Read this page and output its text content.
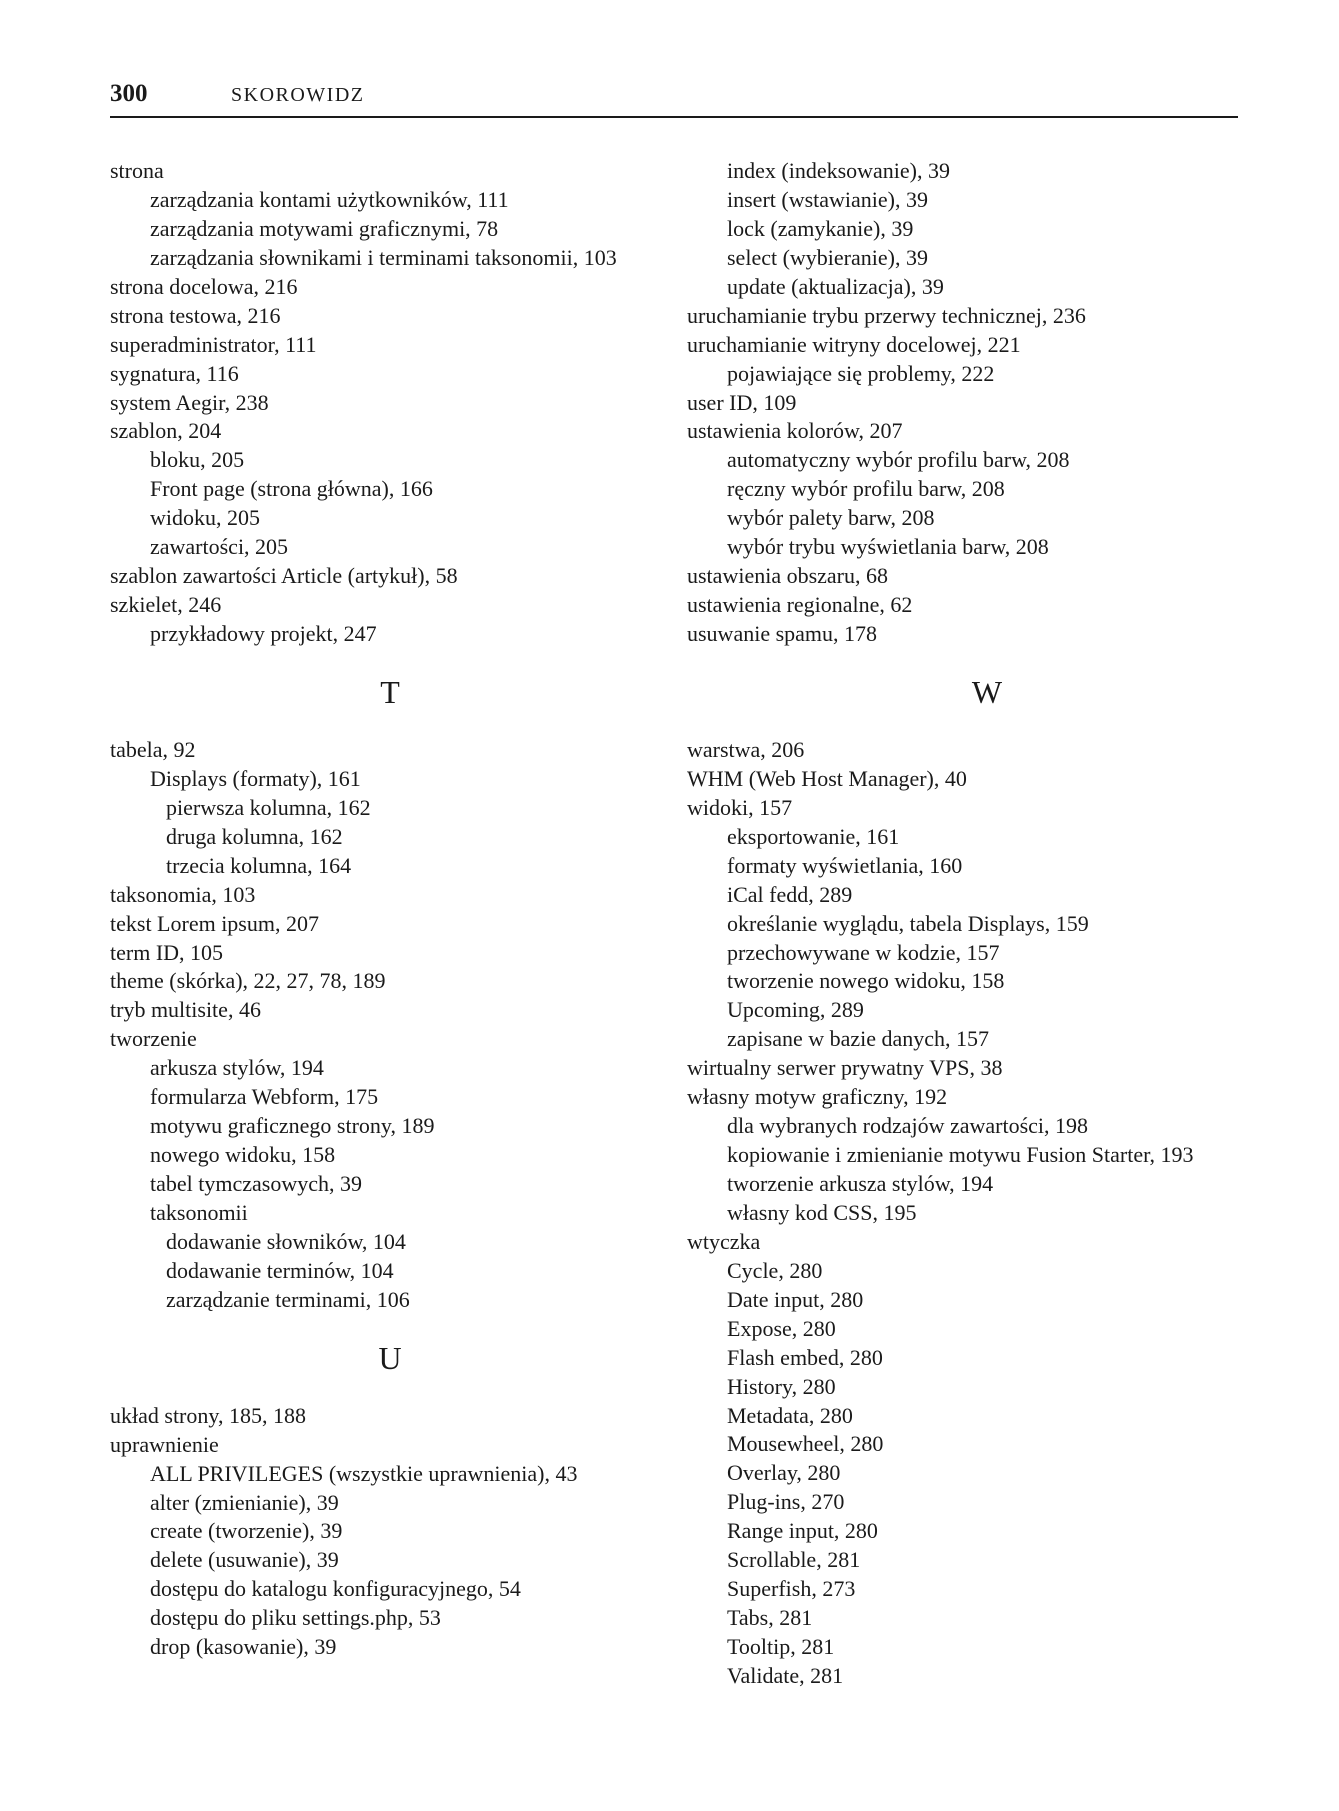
300	SKOROWIDZ
strona
zarządzania kontami użytkowników, 111
zarządzania motywami graficznymi, 78
zarządzania słownikami i terminami taksonomii, 103
strona docelowa, 216
strona testowa, 216
superadministrator, 111
sygnatura, 116
system Aegir, 238
szablon, 204
bloku, 205
Front page (strona główna), 166
widoku, 205
zawartości, 205
szablon zawartości Article (artykuł), 58
szkielet, 246
przykładowy projekt, 247
T
tabela, 92
Displays (formaty), 161
pierwsza kolumna, 162
druga kolumna, 162
trzecia kolumna, 164
taksonomia, 103
tekst Lorem ipsum, 207
term ID, 105
theme (skórka), 22, 27, 78, 189
tryb multisite, 46
tworzenie
arkusza stylów, 194
formularza Webform, 175
motywu graficznego strony, 189
nowego widoku, 158
tabel tymczasowych, 39
taksonomii
dodawanie słowników, 104
dodawanie terminów, 104
zarządzanie terminami, 106
U
układ strony, 185, 188
uprawnienie
ALL PRIVILEGES (wszystkie uprawnienia), 43
alter (zmienianie), 39
create (tworzenie), 39
delete (usuwanie), 39
dostępu do katalogu konfiguracyjnego, 54
dostępu do pliku settings.php, 53
drop (kasowanie), 39
index (indeksowanie), 39
insert (wstawianie), 39
lock (zamykanie), 39
select (wybieranie), 39
update (aktualizacja), 39
uruchamianie trybu przerwy technicznej, 236
uruchamianie witryny docelowej, 221
pojawiające się problemy, 222
user ID, 109
ustawienia kolorów, 207
automatyczny wybór profilu barw, 208
ręczny wybór profilu barw, 208
wybór palety barw, 208
wybór trybu wyświetlania barw, 208
ustawienia obszaru, 68
ustawienia regionalne, 62
usuwanie spamu, 178
W
warstwa, 206
WHM (Web Host Manager), 40
widoki, 157
eksportowanie, 161
formaty wyświetlania, 160
iCal fedd, 289
określanie wyglądu, tabela Displays, 159
przechowywane w kodzie, 157
tworzenie nowego widoku, 158
Upcoming, 289
zapisane w bazie danych, 157
wirtualny serwer prywatny VPS, 38
własny motyw graficzny, 192
dla wybranych rodzajów zawartości, 198
kopiowanie i zmienianie motywu Fusion Starter, 193
tworzenie arkusza stylów, 194
własny kod CSS, 195
wtyczka
Cycle, 280
Date input, 280
Expose, 280
Flash embed, 280
History, 280
Metadata, 280
Mousewheel, 280
Overlay, 280
Plug-ins, 270
Range input, 280
Scrollable, 281
Superfish, 273
Tabs, 281
Tooltip, 281
Validate, 281
